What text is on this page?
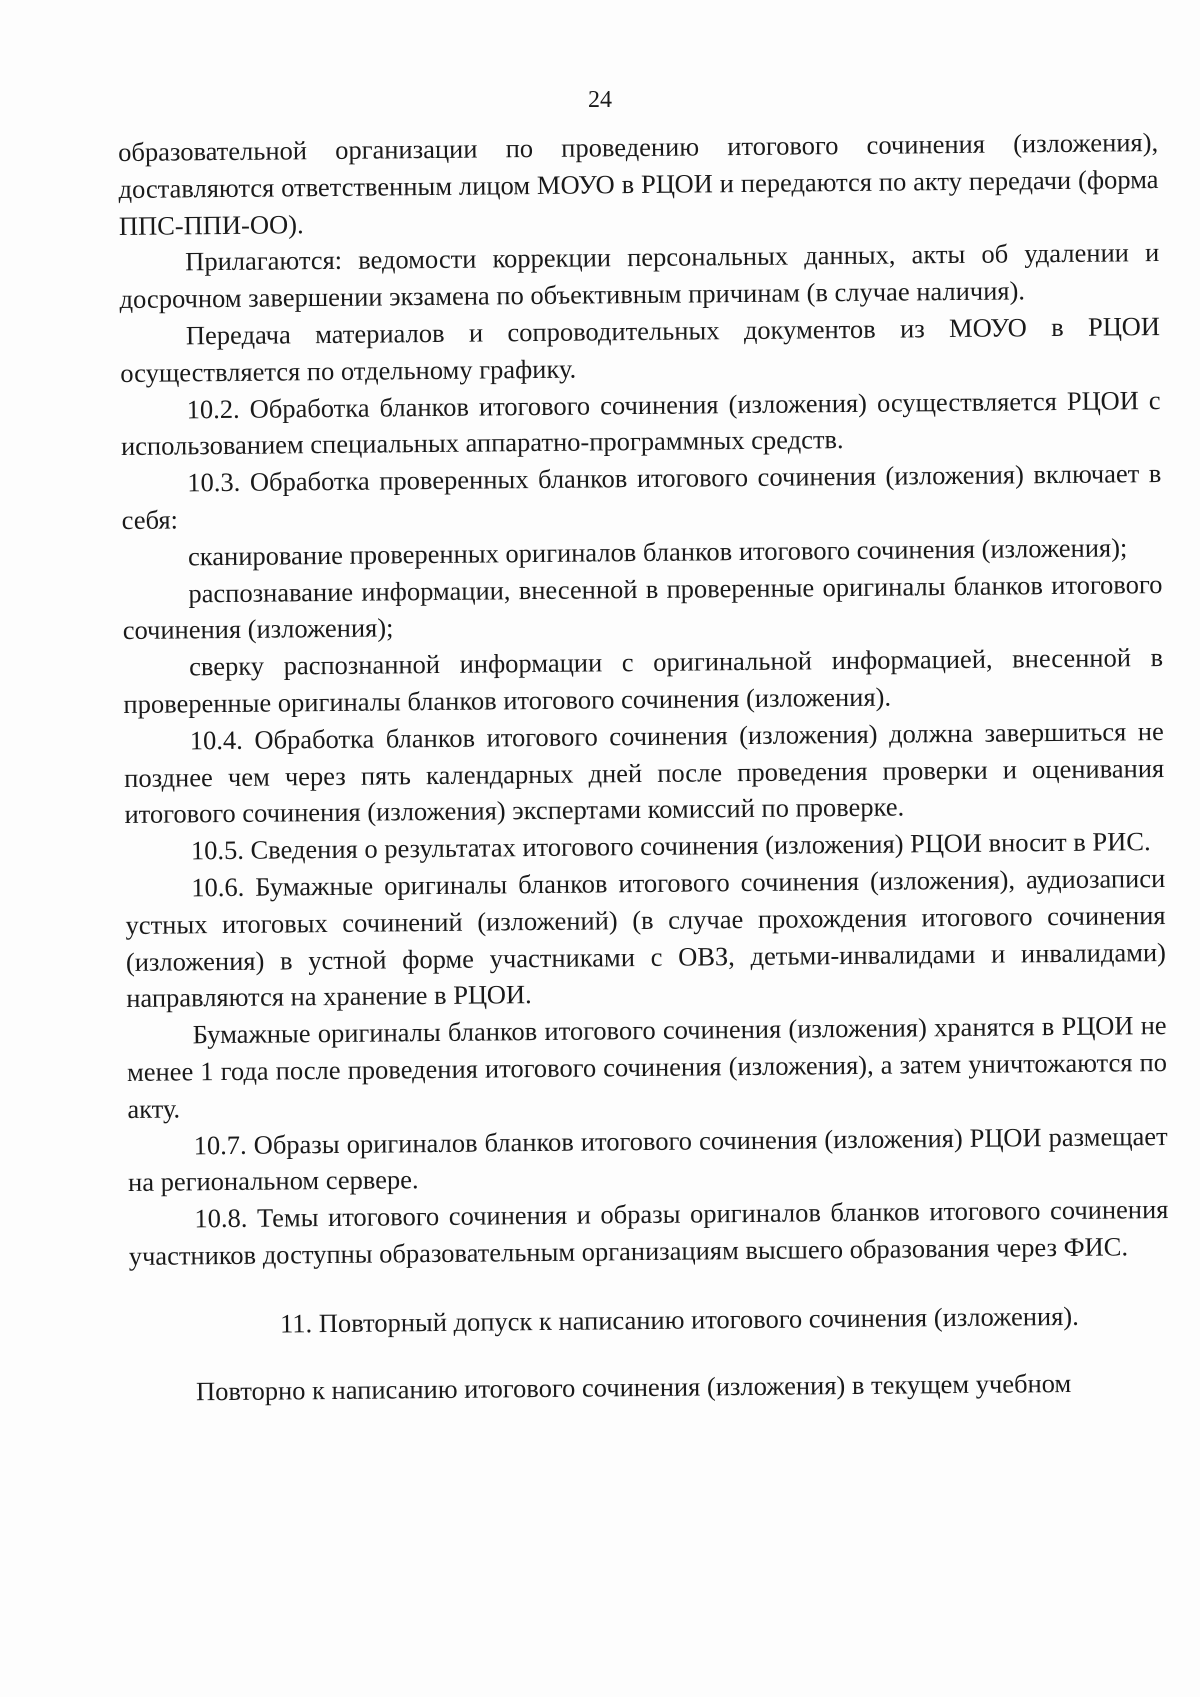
24

образовательной организации по проведению итогового сочинения (изложения), доставляются ответственным лицом МОУО в РЦОИ и передаются по акту передачи (форма ППС-ППИ-ОО).

Прилагаются: ведомости коррекции персональных данных, акты об удалении и досрочном завершении экзамена по объективным причинам (в случае наличия).

Передача материалов и сопроводительных документов из МОУО в РЦОИ осуществляется по отдельному графику.

10.2. Обработка бланков итогового сочинения (изложения) осуществляется РЦОИ с использованием специальных аппаратно-программных средств.

10.3. Обработка проверенных бланков итогового сочинения (изложения) включает в себя:

сканирование проверенных оригиналов бланков итогового сочинения (изложения);

распознавание информации, внесенной в проверенные оригиналы бланков итогового сочинения (изложения);

сверку распознанной информации с оригинальной информацией, внесенной в проверенные оригиналы бланков итогового сочинения (изложения).

10.4. Обработка бланков итогового сочинения (изложения) должна завершиться не позднее чем через пять календарных дней после проведения проверки и оценивания итогового сочинения (изложения) экспертами комиссий по проверке.

10.5. Сведения о результатах итогового сочинения (изложения) РЦОИ вносит в РИС.

10.6. Бумажные оригиналы бланков итогового сочинения (изложения), аудиозаписи устных итоговых сочинений (изложений) (в случае прохождения итогового сочинения (изложения) в устной форме участниками с ОВЗ, детьми-инвалидами и инвалидами) направляются на хранение в РЦОИ.

Бумажные оригиналы бланков итогового сочинения (изложения) хранятся в РЦОИ не менее 1 года после проведения итогового сочинения (изложения), а затем уничтожаются по акту.

10.7. Образы оригиналов бланков итогового сочинения (изложения) РЦОИ размещает на региональном сервере.

10.8. Темы итогового сочинения и образы оригиналов бланков итогового сочинения участников доступны образовательным организациям высшего образования через ФИС.

11. Повторный допуск к написанию итогового сочинения (изложения).

Повторно к написанию итогового сочинения (изложения) в текущем учебном
